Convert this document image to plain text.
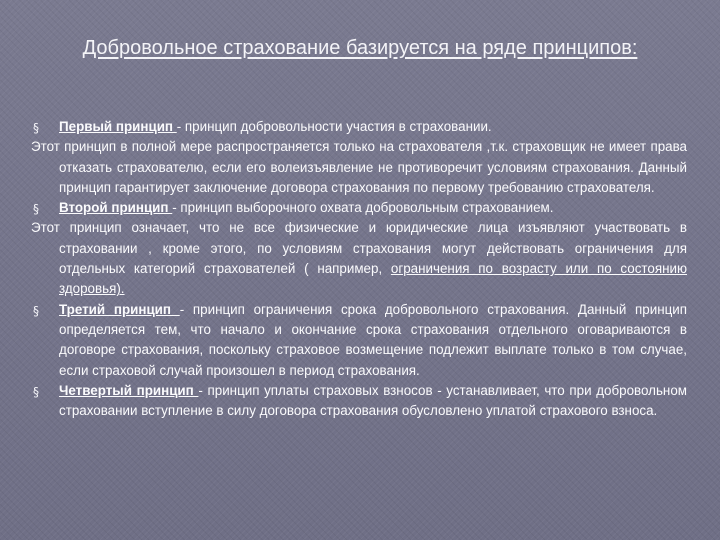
Добровольное страхование базируется на ряде принципов:
§ Первый принцип - принцип добровольности участия в страховании.
Этот принцип в полной мере распространяется только на страхователя ,т.к. страховщик не имеет права отказать страхователю, если его волеизъявление не противоречит условиям страхования. Данный принцип гарантирует заключение договора страхования по первому требованию страхователя.
§ Второй принцип - принцип выборочного охвата добровольным страхованием.
Этот принцип означает, что не все физические и юридические лица изъявляют участвовать в страховании , кроме этого, по условиям страхования могут действовать ограничения для отдельных категорий страхователей ( например, ограничения по возрасту или по состоянию здоровья).
§ Третий принцип - принцип ограничения срока добровольного страхования. Данный принцип определяется тем, что начало и окончание срока страхования отдельного оговариваются в договоре страхования, поскольку страховое возмещение подлежит выплате только в том случае, если страховой случай произошел в период страхования.
§ Четвертый принцип - принцип уплаты страховых взносов - устанавливает, что при добровольном страховании вступление в силу договора страхования обусловлено уплатой страхового взноса.
